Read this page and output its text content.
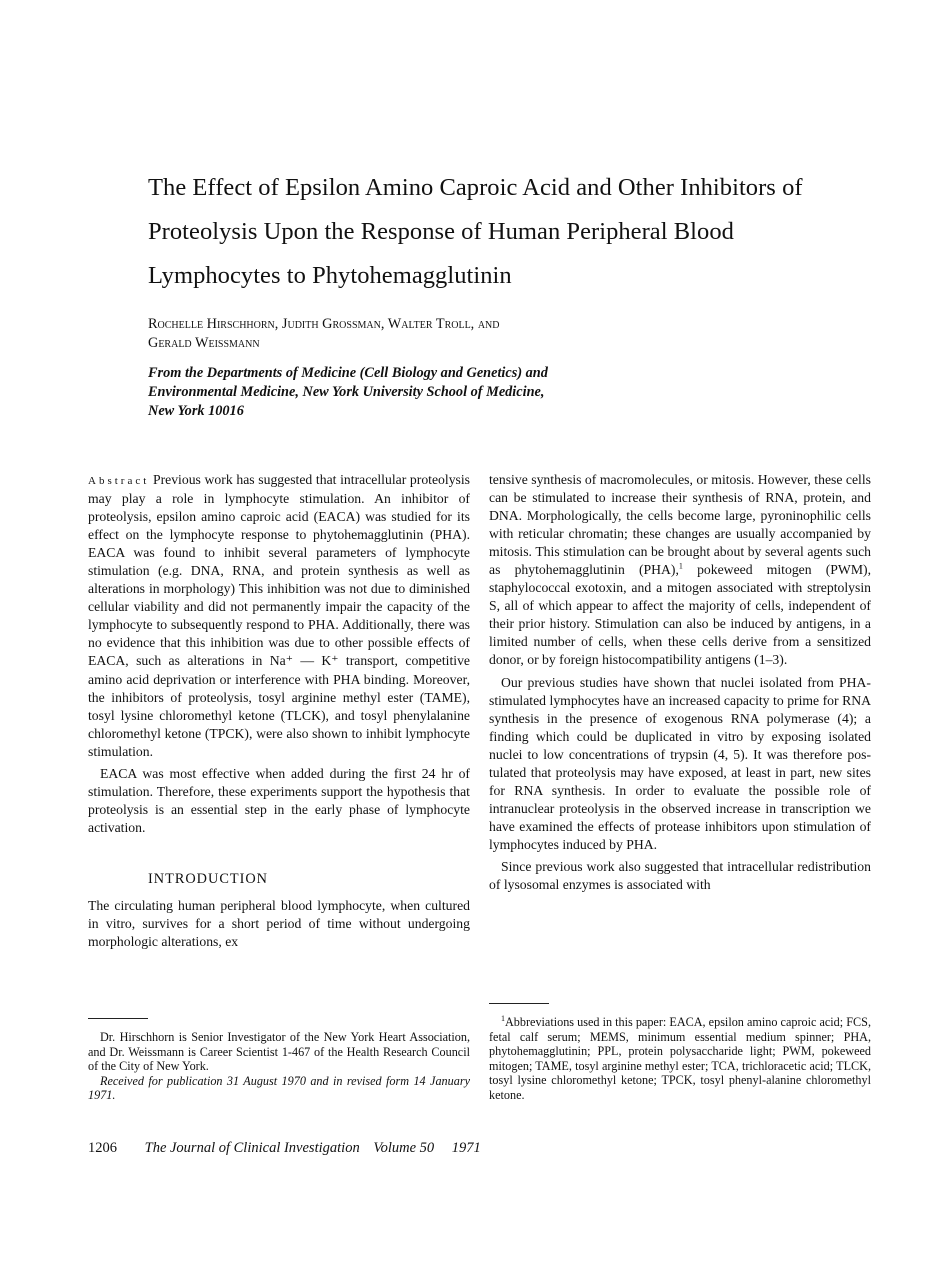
The Effect of Epsilon Amino Caproic Acid and Other Inhibitors of Proteolysis Upon the Response of Human Peripheral Blood Lymphocytes to Phytohemagglutinin
Rochelle Hirschhorn, Judith Grossman, Walter Troll, and
Gerald Weissmann
From the Departments of Medicine (Cell Biology and Genetics) and
Environmental Medicine, New York University School of Medicine,
New York 10016

Abstract Previous work has suggested that intracellular proteolysis may play a role in lymphocyte stimulation. An inhibitor of proteolysis, epsilon amino caproic acid (EACA) was studied for its effect on the lymphocyte response to phytohemagglutinin (PHA). EACA was found to inhibit several parameters of lymphocyte stimulation (e.g. DNA, RNA, and protein synthesis as well as alterations in morphology) This inhibition was not due to diminished cellular viability and did not permanently impair the capacity of the lymphocyte to subsequently respond to PHA. Additionally, there was no evidence that this inhibition was due to other possible effects of EACA, such as alterations in Na⁺ — K⁺ transport, competitive amino acid deprivation or interference with PHA binding. Moreover, the inhibitors of proteolysis, tosyl arginine methyl ester (TAME), tosyl lysine chloromethyl ketone (TLCK), and tosyl phenylalanine chloromethyl ketone (TPCK), were also shown to inhibit lymphocyte stimulation.

EACA was most effective when added during the first 24 hr of stimulation. Therefore, these experiments support the hypothesis that proteolysis is an essential step in the early phase of lymphocyte activation.

INTRODUCTION

The circulating human peripheral blood lymphocyte, when cultured in vitro, survives for a short period of time without undergoing morphologic alterations, ex

tensive synthesis of macromolecules, or mitosis. However, these cells can be stimulated to increase their synthesis of RNA, protein, and DNA. Morphologically, the cells become large, pyroninophilic cells with reticular chromatin; these changes are usually accompanied by mitosis. This stimulation can be brought about by several agents such as phytohemagglutinin (PHA),$^1$ pokeweed mitogen (PWM), staphylococcal exotoxin, and a mitogen associated with streptolysin S, all of which appear to affect the majority of cells, independent of their prior history. Stimulation can also be induced by antigens, in a limited number of cells, when these cells derive from a sensitized donor, or by foreign histocompatibility antigens (1–3).

Our previous studies have shown that nuclei isolated from PHA-stimulated lymphocytes have an increased capacity to prime for RNA synthesis in the presence of exogenous RNA polymerase (4); a finding which could be duplicated in vitro by exposing isolated nuclei to low concentrations of trypsin (4, 5). It was therefore postulated that proteolysis may have exposed, at least in part, new sites for RNA synthesis. In order to evaluate the possible role of intranuclear proteolysis in the observed increase in transcription we have examined the effects of protease inhibitors upon stimulation of lymphocytes induced by PHA.

Since previous work also suggested that intracellular redistribution of lysosomal enzymes is associated with

Dr. Hirschhorn is Senior Investigator of the New York Heart Association, and Dr. Weissmann is Career Scientist 1-467 of the Health Research Council of the City of New York.

Received for publication 31 August 1970 and in revised form 14 January 1971.

$^1$Abbreviations used in this paper: EACA, epsilon amino caproic acid; FCS, fetal calf serum; MEMS, minimum essential medium spinner; PHA, phytohemagglutinin; PPL, protein polysaccharide light; PWM, pokeweed mitogen; TAME, tosyl arginine methyl ester; TCA, trichloracetic acid; TLCK, tosyl lysine chloromethyl ketone; TPCK, tosyl phenyl-alanine chloromethyl ketone.

1206 The Journal of Clinical Investigation Volume 50 1971
